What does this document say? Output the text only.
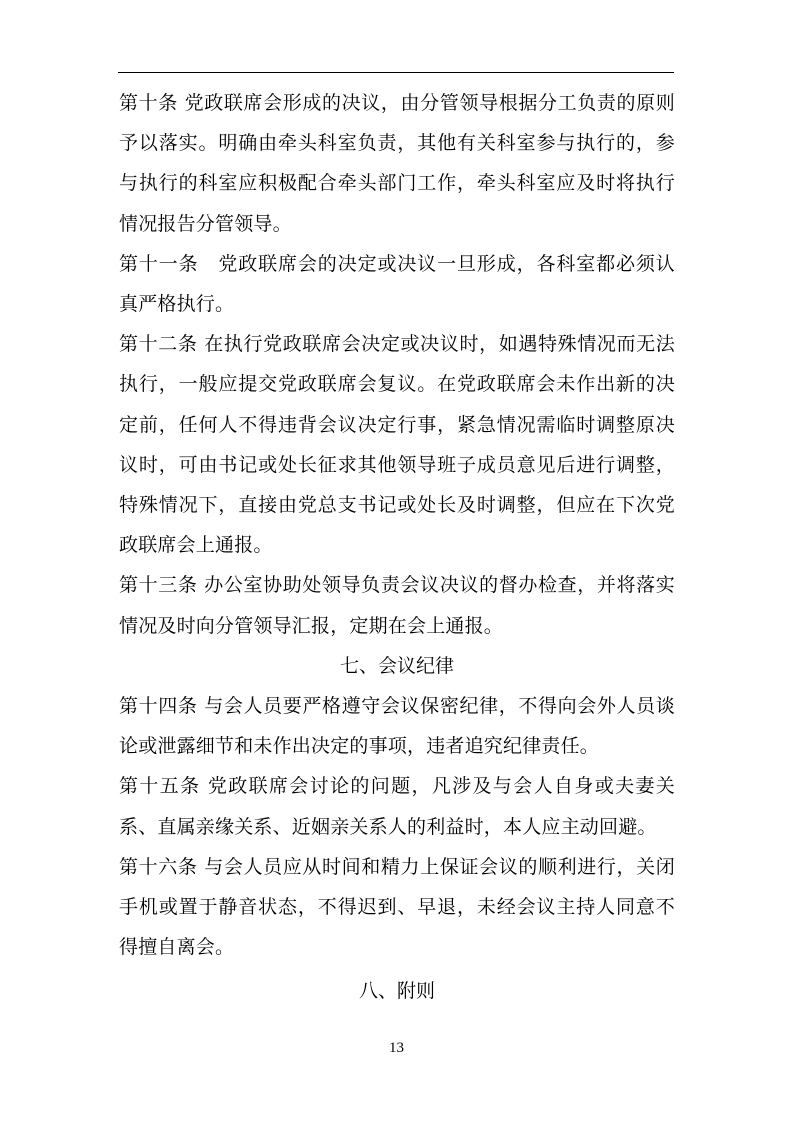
第十条 党政联席会形成的决议，由分管领导根据分工负责的原则予以落实。明确由牵头科室负责，其他有关科室参与执行的，参与执行的科室应积极配合牵头部门工作，牵头科室应及时将执行情况报告分管领导。

第十一条　党政联席会的决定或决议一旦形成，各科室都必须认真严格执行。

第十二条 在执行党政联席会决定或决议时，如遇特殊情况而无法执行，一般应提交党政联席会复议。在党政联席会未作出新的决定前，任何人不得违背会议决定行事，紧急情况需临时调整原决议时，可由书记或处长征求其他领导班子成员意见后进行调整，特殊情况下，直接由党总支书记或处长及时调整，但应在下次党政联席会上通报。

第十三条 办公室协助处领导负责会议决议的督办检查，并将落实情况及时向分管领导汇报，定期在会上通报。

七、会议纪律

第十四条 与会人员要严格遵守会议保密纪律，不得向会外人员谈论或泄露细节和未作出决定的事项，违者追究纪律责任。

第十五条 党政联席会讨论的问题，凡涉及与会人自身或夫妻关系、直属亲缘关系、近姻亲关系人的利益时，本人应主动回避。

第十六条 与会人员应从时间和精力上保证会议的顺利进行，关闭手机或置于静音状态，不得迟到、早退，未经会议主持人同意不得擅自离会。

八、附则

13
